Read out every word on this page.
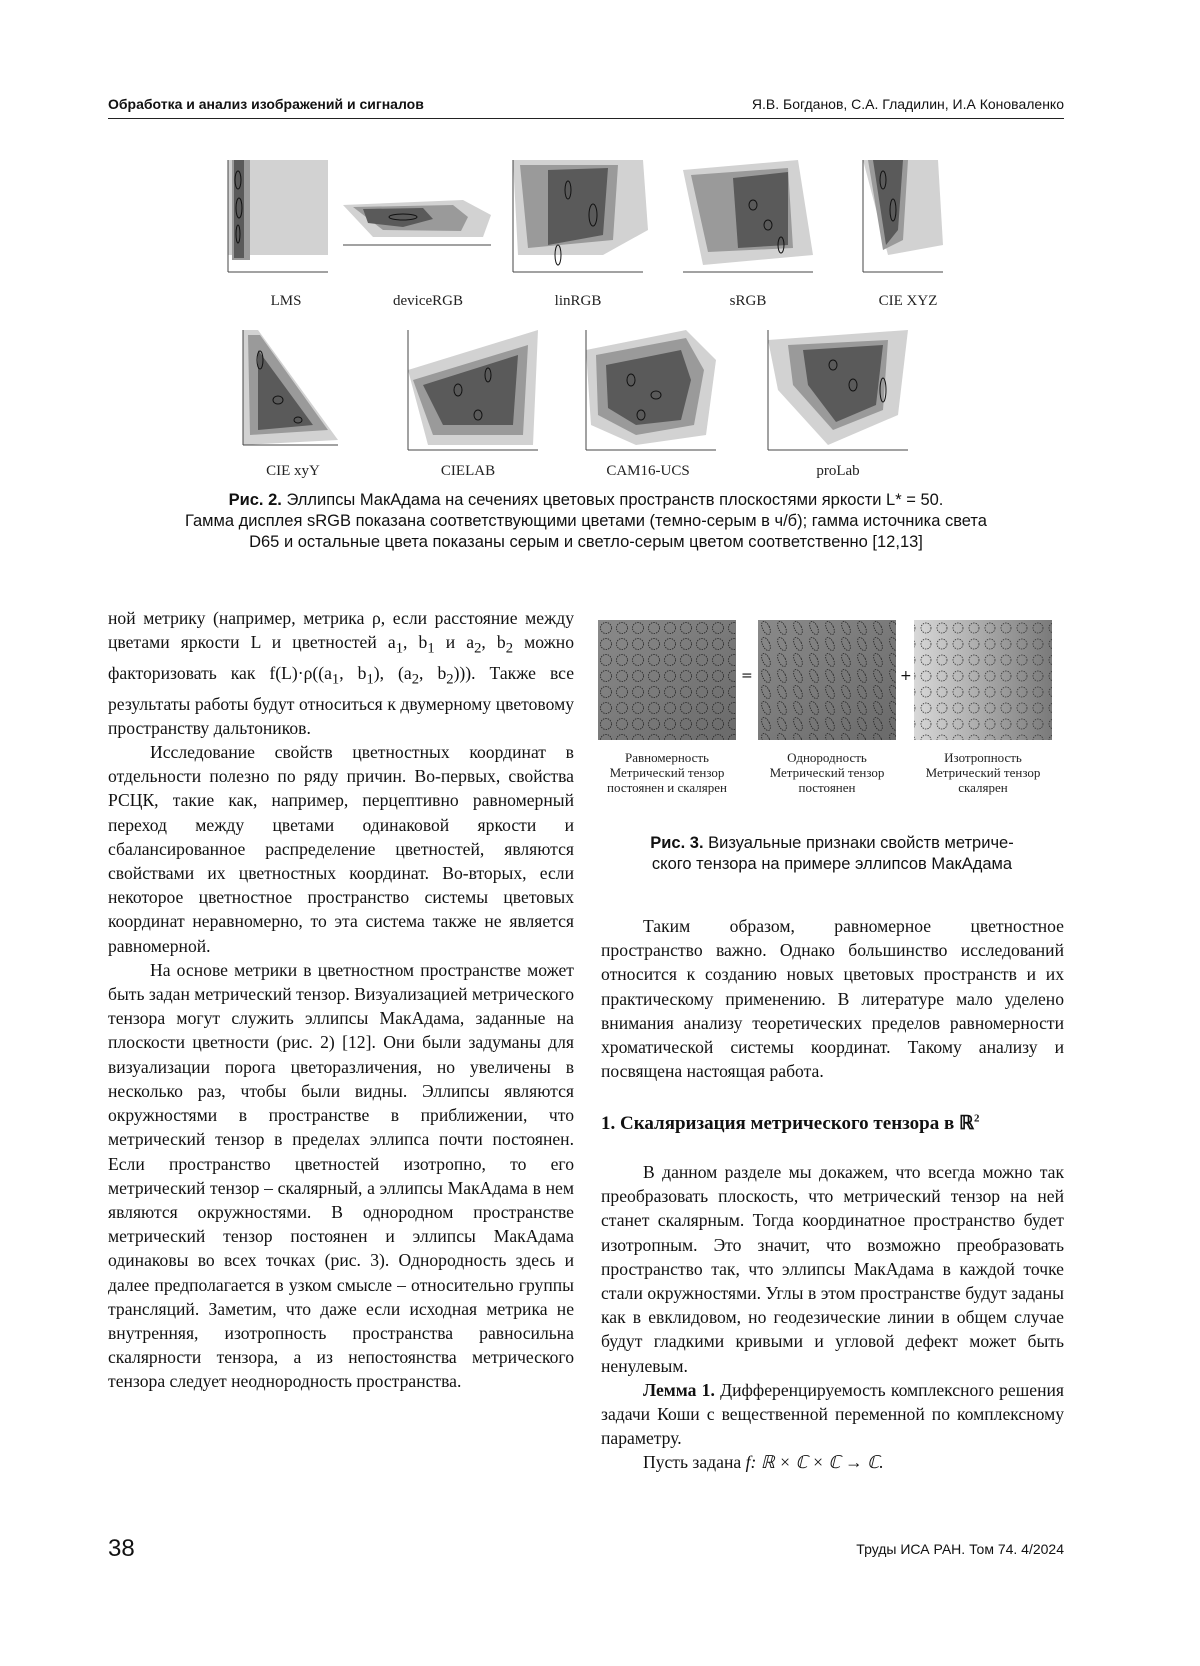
Обработка и анализ изображений и сигналов	Я.В. Богданов, С.А. Гладилин, И.А Коноваленко
LMS	deviceRGB	linRGB	sRGB	CIE XYZ
CIE xyY	CIELAB	CAM16-UCS	proLab
Рис. 2. Эллипсы МакАдама на сечениях цветовых пространств плоскостями яркости L* = 50.
Гамма дисплея sRGB показана соответствующими цветами (темно-серым в ч/б); гамма источника света
D65 и остальные цвета показаны серым и светло-серым цветом соответственно [12,13]

ной метрику (например, метрика ρ, если расстояние между цветами яркости L и цветностей $a_1$, $b_1$ и $a_2$, $b_2$ можно факторизовать как $f(L)\cdot\rho((a_1$, $b_1$), ($a_2$, $b_2$))). Также все результаты работы будут относиться к двумерному цветовому пространству дальтоников.

Исследование свойств цветностных координат в отдельности полезно по ряду причин. Во-первых, свойства РСЦК, такие как, например, перцептивно равномерный переход между цветами одинаковой яркости и сбалансированное распределение цветностей, являются свойствами их цветностных координат. Во-вторых, если некоторое цветностное пространство системы цветовых координат неравномерно, то эта система также не является равномерной.

На основе метрики в цветностном пространстве может быть задан метрический тензор. Визуализацией метрического тензора могут служить эллипсы МакАдама, заданные на плоскости цветности (рис. 2) [12]. Они были задуманы для визуализации порога цветоразличения, но увеличены в несколько раз, чтобы были видны. Эллипсы являются окружностями в пространстве в приближении, что метрический тензор в пределах эллипса почти постоянен. Если пространство цветностей изотропно, то его метрический тензор – скалярный, а эллипсы МакАдама в нем являются окружностями. В однородном пространстве метрический тензор постоянен и эллипсы МакАдама одинаковы во всех точках (рис. 3). Однородность здесь и далее предполагается в узком смысле – относительно группы трансляций. Заметим, что даже если исходная метрика не внутренняя, изотропность пространства равносильна скалярности тензора, а из непостоянства метрического тензора следует неоднородность пространства.

=	+
Равномерность
Метрический тензор
постоянен и скалярен
Однородность
Метрический тензор
постоянен
Изотропность
Метрический тензор
скалярен
Рис. 3. Визуальные признаки свойств метриче-
ского тензора на примере эллипсов МакАдама

Таким образом, равномерное цветностное пространство важно. Однако большинство исследований относится к созданию новых цветовых пространств и их практическому применению. В литературе мало уделено внимания анализу теоретических пределов равномерности хроматической системы координат. Такому анализу и посвящена настоящая работа.

1. Скаляризация метрического тензора в ℝ$^2$

В данном разделе мы докажем, что всегда можно так преобразовать плоскость, что метрический тензор на ней станет скалярным. Тогда координатное пространство будет изотропным. Это значит, что возможно преобразовать пространство так, что эллипсы МакАдама в каждой точке стали окружностями. Углы в этом пространстве будут заданы как в евклидовом, но геодезические линии в общем случае будут гладкими кривыми и угловой дефект может быть ненулевым.

Лемма 1. Дифференцируемость комплексного решения задачи Коши с вещественной переменной по комплексному параметру.

Пусть задана f: ℝ × ℂ × ℂ → ℂ.

38	Труды ИСА РАН. Том 74. 4/2024
